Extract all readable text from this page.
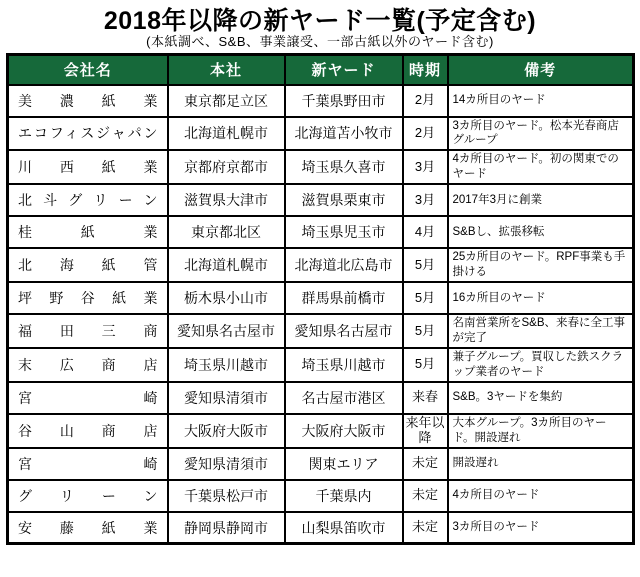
2018年以降の新ヤード一覧(予定含む)
(本紙調べ、S&B、事業譲受、一部古紙以外のヤード含む)
会社名	本社	新ヤード	時期	備考
美濃紙業	東京都足立区	千葉県野田市	2月	14カ所目のヤード
エコフィスジャパン	北海道札幌市	北海道苫小牧市	2月	3カ所目のヤード。松本光春商店グループ
川西紙業	京都府京都市	埼玉県久喜市	3月	4カ所目のヤード。初の関東でのヤード
北斗グリーン	滋賀県大津市	滋賀県栗東市	3月	2017年3月に創業
桂紙業	東京都北区	埼玉県児玉市	4月	S&Bし、拡張移転
北海紙管	北海道札幌市	北海道北広島市	5月	25カ所目のヤード。RPF事業も手掛ける
坪野谷紙業	栃木県小山市	群馬県前橋市	5月	16カ所目のヤード
福田三商	愛知県名古屋市	愛知県名古屋市	5月	名南営業所をS&B、来春に全工事が完了
末広商店	埼玉県川越市	埼玉県川越市	5月	兼子グループ。買収した鉄スクラップ業者のヤード
宮崎	愛知県清須市	名古屋市港区	来春	S&B。3ヤードを集約
谷山商店	大阪府大阪市	大阪府大阪市	来年以降	大本グループ。3カ所目のヤード。開設遅れ
宮崎	愛知県清須市	関東エリア	未定	開設遅れ
グリーン	千葉県松戸市	千葉県内	未定	4カ所目のヤード
安藤紙業	静岡県静岡市	山梨県笛吹市	未定	3カ所目のヤード
